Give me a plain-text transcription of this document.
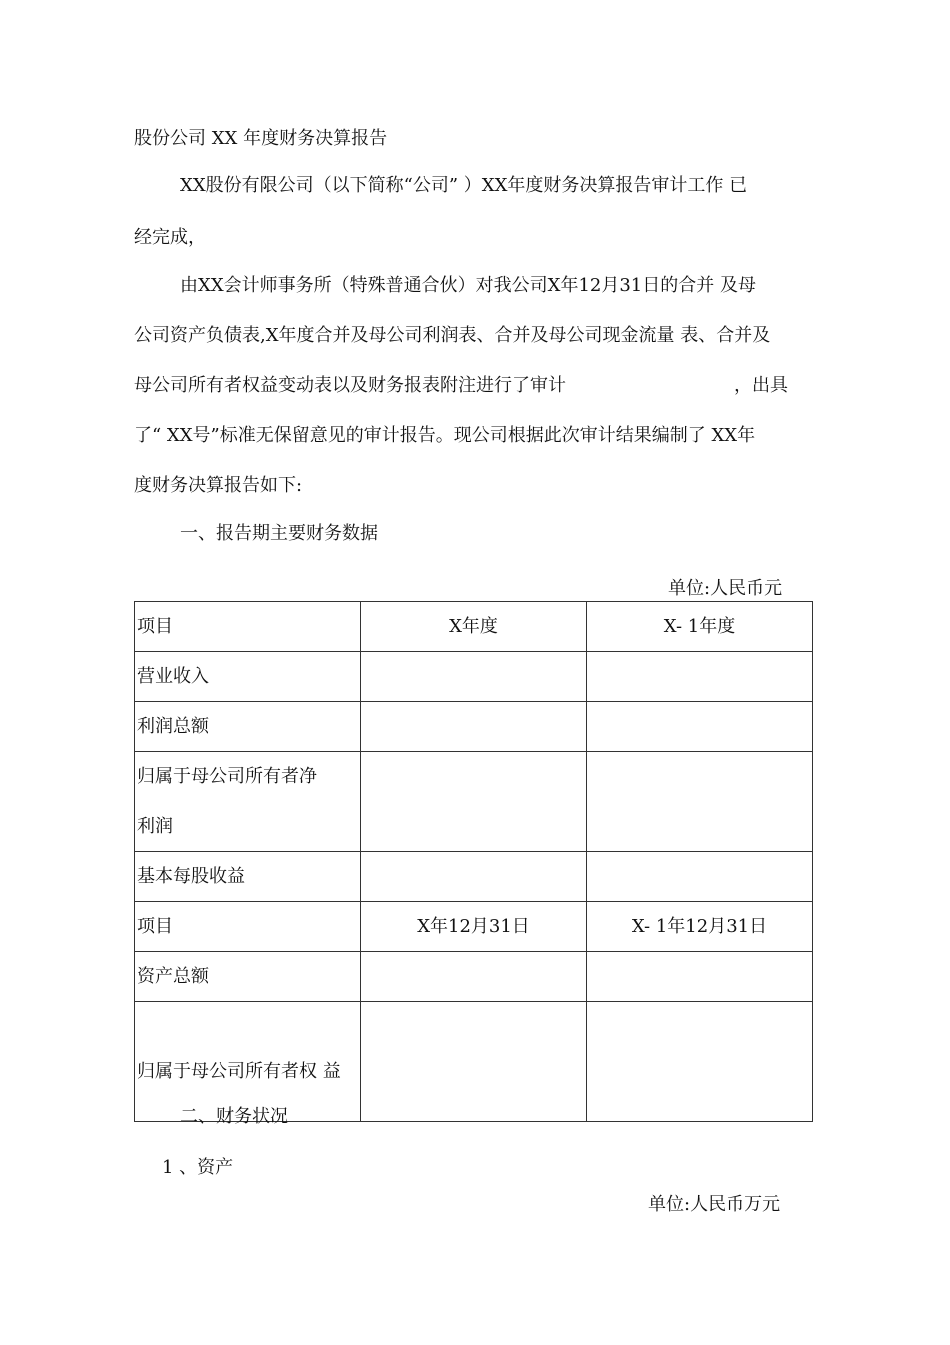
股份公司 XX 年度财务决算报告
XX股份有限公司（以下简称“公司” ）XX年度财务决算报告审计工作 已
经完成，
由XX会计师事务所（特殊普通合伙）对我公司X年12月31日的合并 及母
公司资产负债表,X年度合并及母公司利润表、合并及母公司现金流量 表、合并及
母公司所有者权益变动表以及财务报表附注进行了审计	，出具
了“ XX号”标准无保留意见的审计报告。现公司根据此次审计结果编制了 XX年
度财务决算报告如下:
一、报告期主要财务数据
单位:人民币元
项目	X年度	X- 1年度
营业收入		
利润总额		

归属于母公司所有者净
利润		

基本每股收益		
项目	X年12月31日	X- 1年12月31日
资产总额		
归属于母公司所有者权 益		
二、财务状况
1 、资产
单位:人民币万元
